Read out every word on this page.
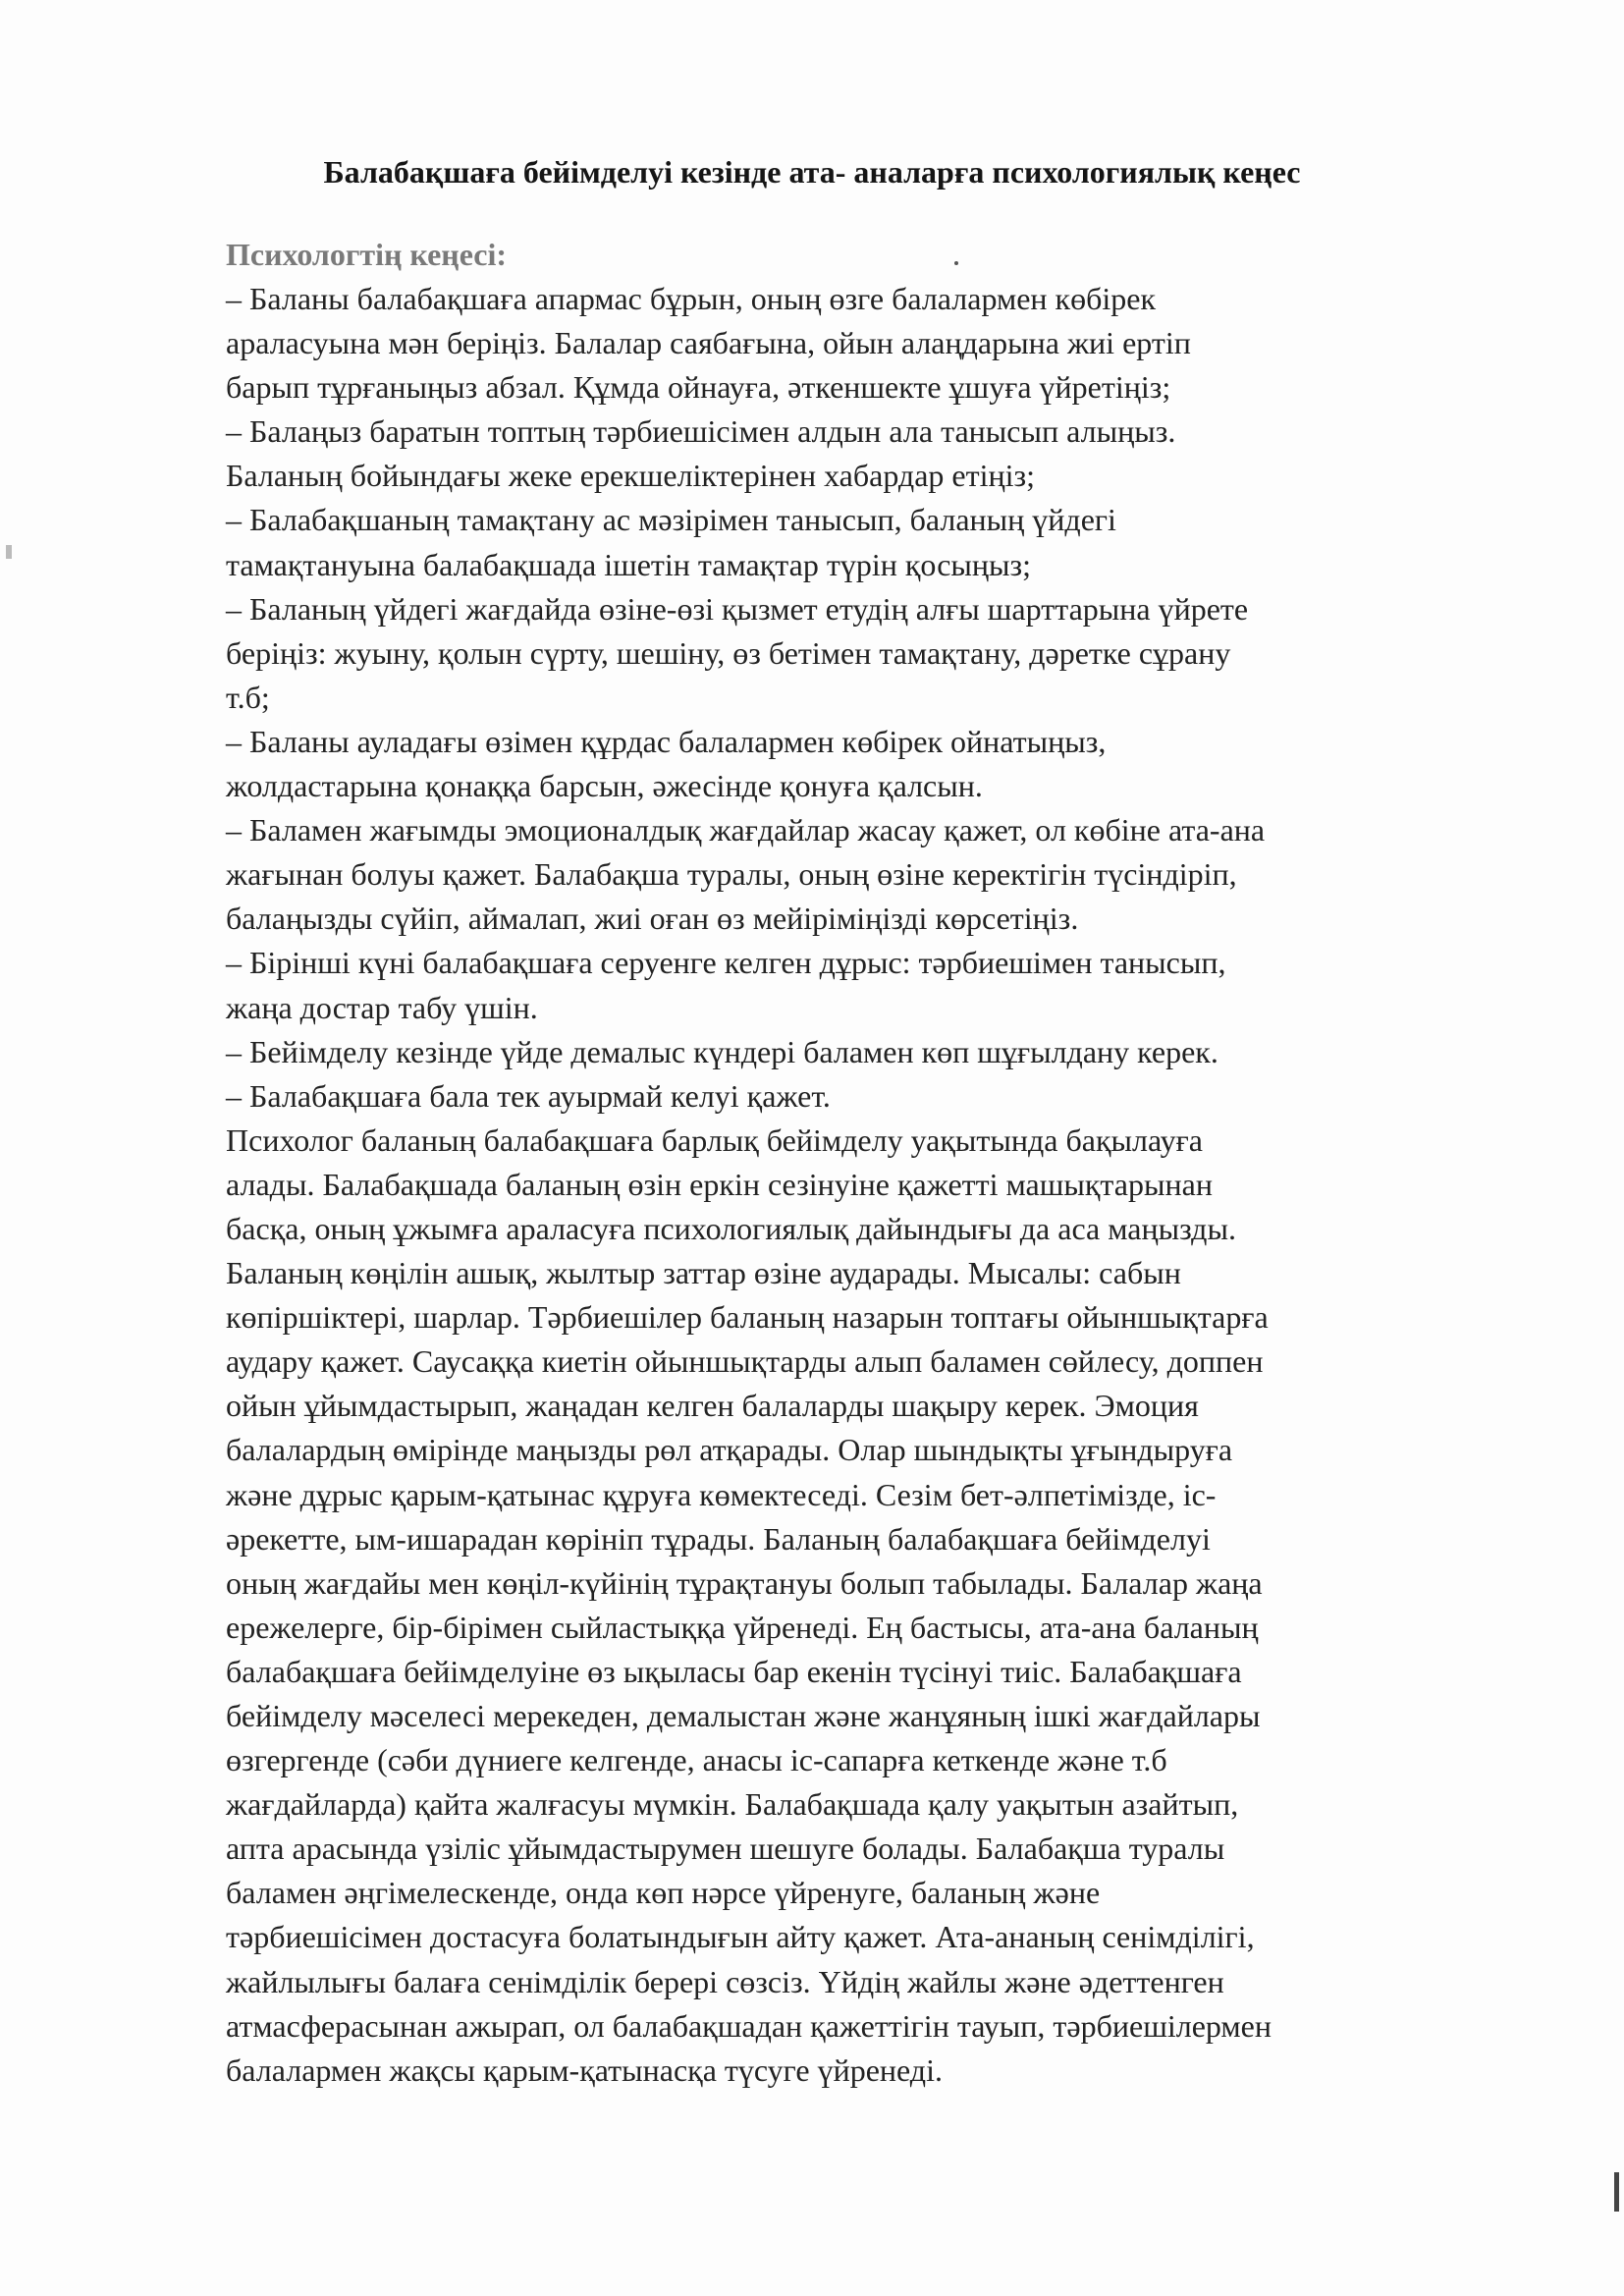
Балабақшаға бейімделуі кезінде ата- аналарға психологиялық кеңес
Психологтің кеңесі:
– Баланы балабақшаға апармас бұрын, оның өзге балалармен көбірек
араласуына мән беріңіз. Балалар саябағына, ойын алаңдарына жиі ертіп
барып тұрғаныңыз абзал. Құмда ойнауға, әткеншекте ұшуға үйретіңіз;
– Балаңыз баратын топтың тәрбиешісімен алдын ала танысып алыңыз.
Баланың бойындағы жеке ерекшеліктерінен хабардар етіңіз;
– Балабақшаның тамақтану ас мәзірімен танысып, баланың үйдегі
тамақтануына балабақшада ішетін тамақтар түрін қосыңыз;
– Баланың үйдегі жағдайда өзіне-өзі қызмет етудің алғы шарттарына үйрете
беріңіз: жуыну, қолын сүрту, шешіну, өз бетімен тамақтану, дәретке сұрану
т.б;
– Баланы ауладағы өзімен құрдас балалармен көбірек ойнатыңыз,
жолдастарына қонаққа барсын, әжесінде қонуға қалсын.
– Баламен жағымды эмоционалдық жағдайлар жасау қажет, ол көбіне ата-ана
жағынан болуы қажет. Балабақша туралы, оның өзіне керектігін түсіндіріп,
балаңызды сүйіп, аймалап, жиі оған өз мейіріміңізді көрсетіңіз.
– Бірінші күні балабақшаға серуенге келген дұрыс: тәрбиешімен танысып,
жаңа достар табу үшін.
– Бейімделу кезінде үйде демалыс күндері баламен көп шұғылдану керек.
– Балабақшаға бала тек ауырмай келуі қажет.
Психолог баланың балабақшаға барлық бейімделу уақытында бақылауға
алады. Балабақшада баланың өзін еркін сезінуіне қажетті машықтарынан
басқа, оның ұжымға араласуға психологиялық дайындығы да аса маңызды.
Баланың көңілін ашық, жылтыр заттар өзіне аударады. Мысалы: сабын
көпіршіктері, шарлар. Тәрбиешілер баланың назарын топтағы ойыншықтарға
аудару қажет. Саусаққа киетін ойыншықтарды алып баламен сөйлесу, доппен
ойын ұйымдастырып, жаңадан келген балаларды шақыру керек. Эмоция
балалардың өмірінде маңызды рөл атқарады. Олар шындықты ұғындыруға
және дұрыс қарым-қатынас құруға көмектеседі. Сезім бет-әлпетімізде, іс-
әрекетте, ым-ишарадан көрініп тұрады. Баланың балабақшаға бейімделуі
оның жағдайы мен көңіл-күйінің тұрақтануы болып табылады. Балалар жаңа
ережелерге, бір-бірімен сыйластыққа үйренеді. Ең бастысы, ата-ана баланың
балабақшаға бейімделуіне өз ықыласы бар екенін түсінуі тиіс. Балабақшаға
бейімделу мәселесі мерекеден, демалыстан және жанұяның ішкі жағдайлары
өзгергенде (сәби дүниеге келгенде, анасы іс-сапарға кеткенде және т.б
жағдайларда) қайта жалғасуы мүмкін. Балабақшада қалу уақытын азайтып,
апта арасында үзіліс ұйымдастырумен шешуге болады. Балабақша туралы
баламен әңгімелескенде, онда көп нәрсе үйренуге, баланың және
тәрбиешісімен достасуға болатындығын айту қажет. Ата-ананың сенімділігі,
жайлылығы балаға сенімділік берері сөзсіз. Үйдің жайлы және әдеттенген
атмасферасынан ажырап, ол балабақшадан қажеттігін тауып, тәрбиешілермен
балалармен жақсы қарым-қатынасқа түсуге үйренеді.
